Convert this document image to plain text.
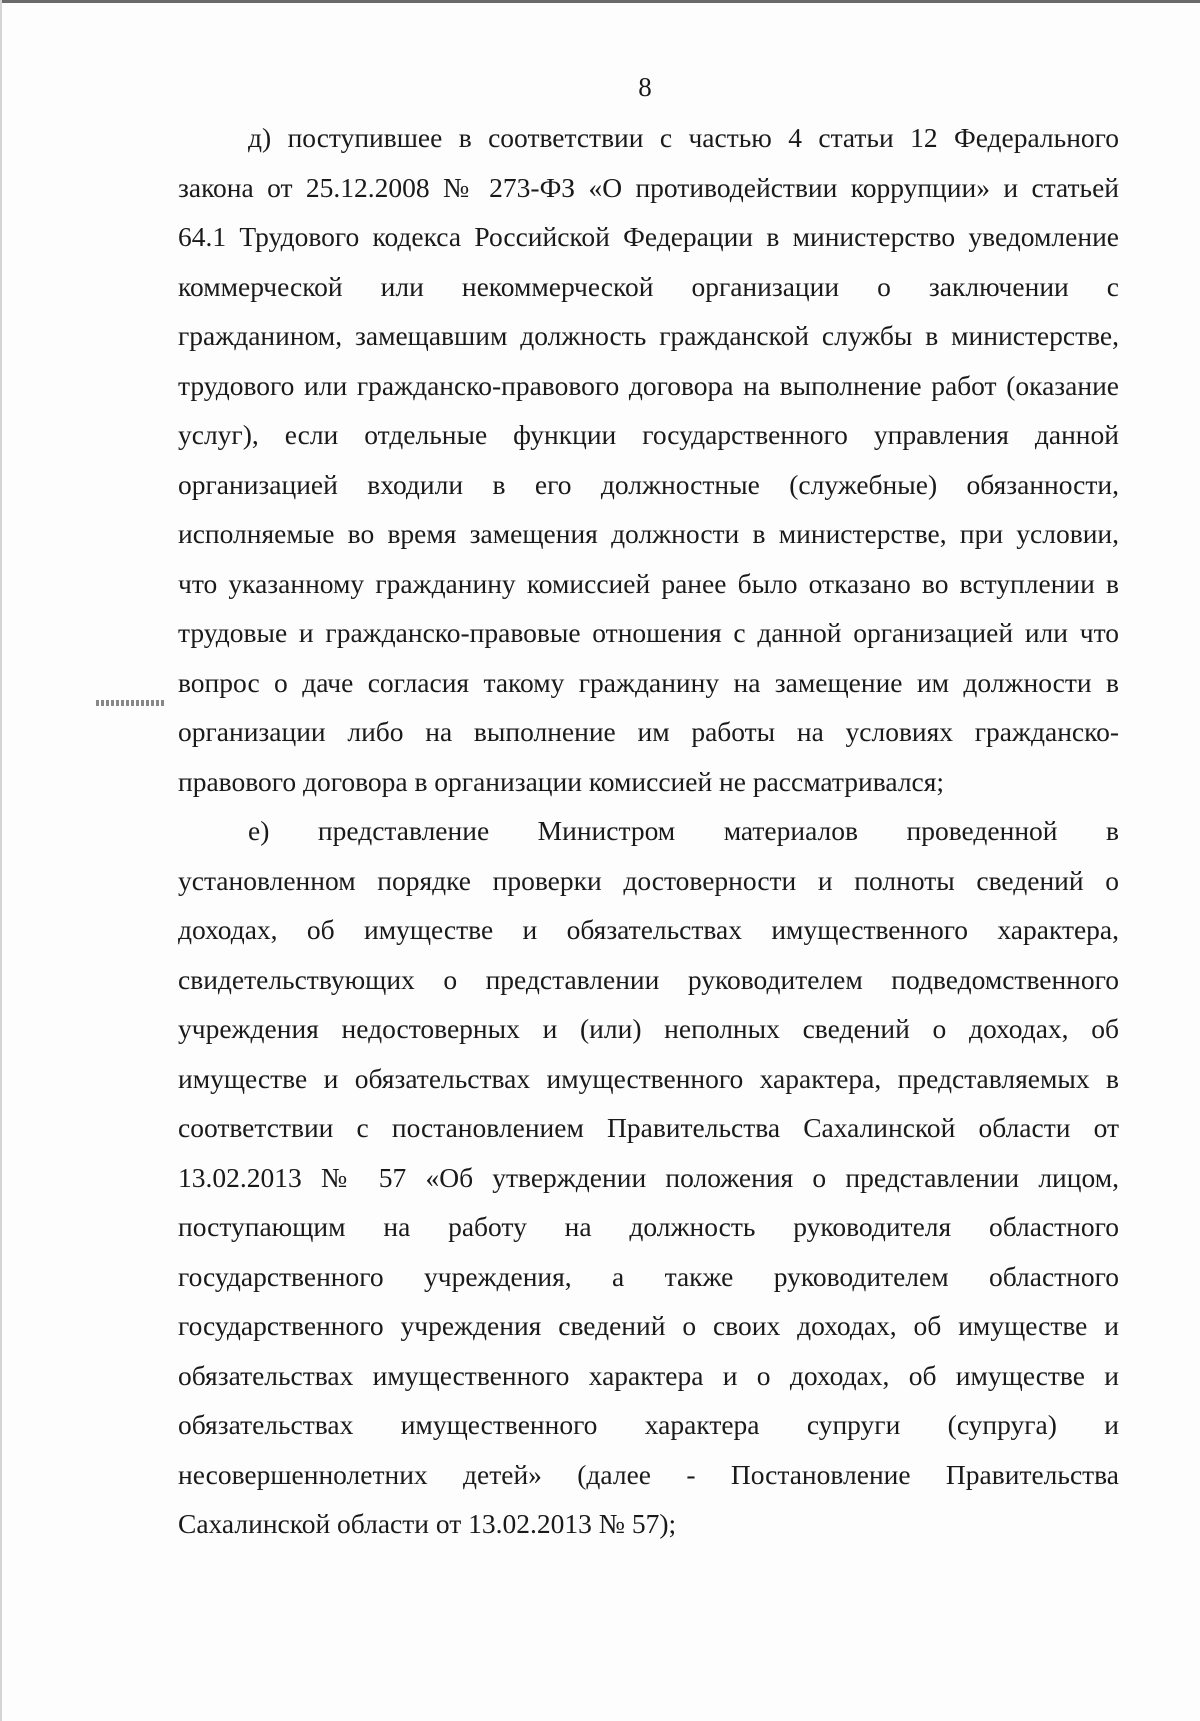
8
д) поступившее в соответствии с частью 4 статьи 12 Федерального
закона от 25.12.2008 № 273-ФЗ «О противодействии коррупции» и статьей
64.1 Трудового кодекса Российской Федерации в министерство уведомление
коммерческой или некоммерческой организации о заключении с
гражданином, замещавшим должность гражданской службы в министерстве,
трудового или гражданско-правового договора на выполнение работ (оказание
услуг), если отдельные функции государственного управления данной
организацией входили в его должностные (служебные) обязанности,
исполняемые во время замещения должности в министерстве, при условии,
что указанному гражданину комиссией ранее было отказано во вступлении в
трудовые и гражданско-правовые отношения с данной организацией или что
вопрос о даче согласия такому гражданину на замещение им должности в
организации либо на выполнение им работы на условиях гражданско-
правового договора в организации комиссией не рассматривался;
е) представление Министром материалов проведенной в
установленном порядке проверки достоверности и полноты сведений о
доходах, об имуществе и обязательствах имущественного характера,
свидетельствующих о представлении руководителем подведомственного
учреждения недостоверных и (или) неполных сведений о доходах, об
имуществе и обязательствах имущественного характера, представляемых в
соответствии с постановлением Правительства Сахалинской области от
13.02.2013 № 57 «Об утверждении положения о представлении лицом,
поступающим на работу на должность руководителя областного
государственного учреждения, а также руководителем областного
государственного учреждения сведений о своих доходах, об имуществе и
обязательствах имущественного характера и о доходах, об имуществе и
обязательствах имущественного характера супруги (супруга) и
несовершеннолетних детей» (далее - Постановление Правительства
Сахалинской области от 13.02.2013 № 57);
